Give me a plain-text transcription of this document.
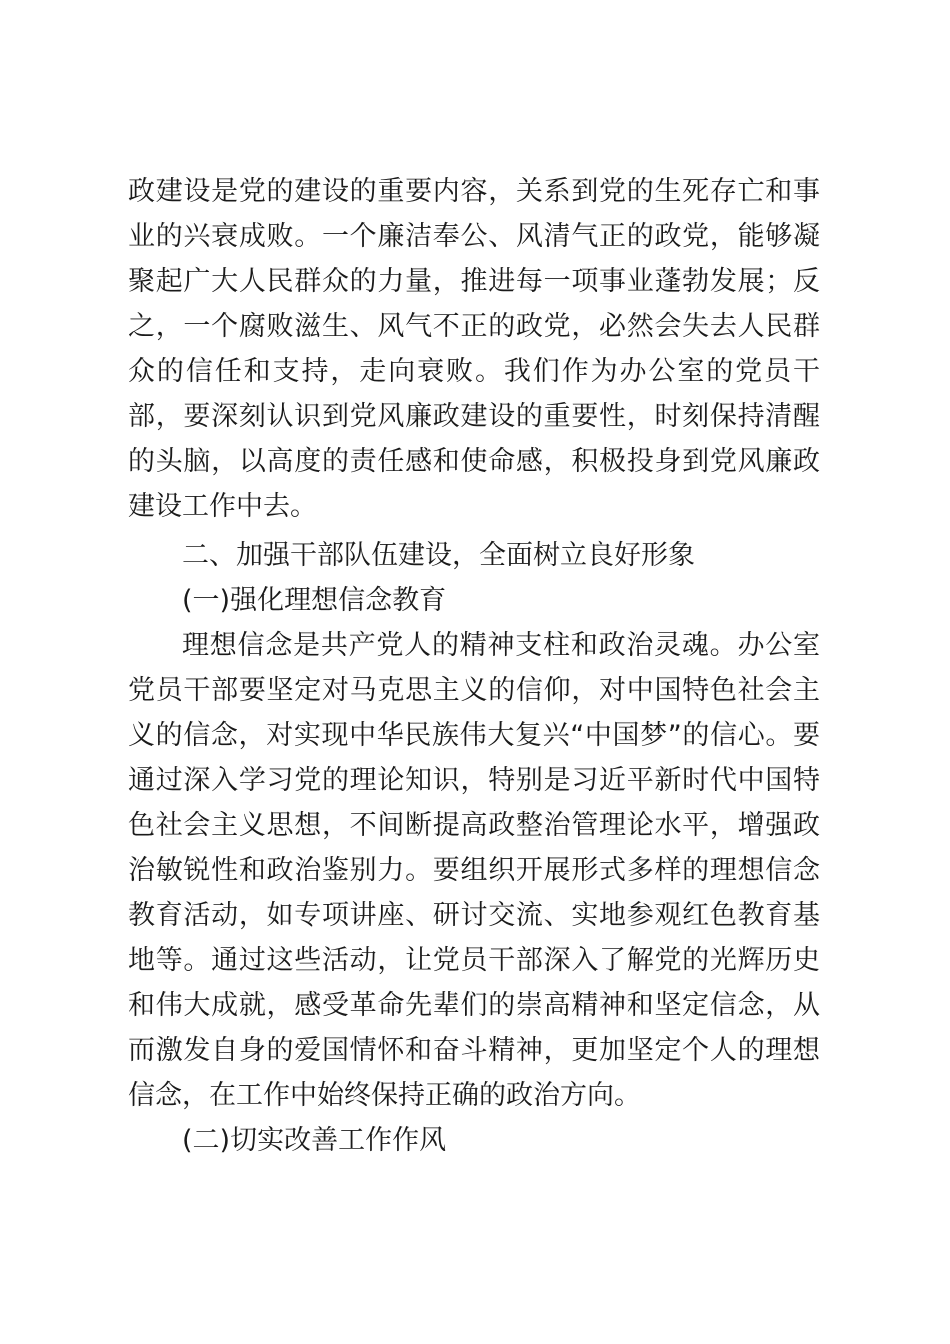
政建设是党的建设的重要内容，关系到党的生死存亡和事业的兴衰成败。一个廉洁奉公、风清气正的政党，能够凝聚起广大人民群众的力量，推进每一项事业蓬勃发展；反之，一个腐败滋生、风气不正的政党，必然会失去人民群众的信任和支持，走向衰败。我们作为办公室的党员干部，要深刻认识到党风廉政建设的重要性，时刻保持清醒的头脑，以高度的责任感和使命感，积极投身到党风廉政建设工作中去。

二、加强干部队伍建设，全面树立良好形象

(一)强化理想信念教育

理想信念是共产党人的精神支柱和政治灵魂。办公室党员干部要坚定对马克思主义的信仰，对中国特色社会主义的信念，对实现中华民族伟大复兴“中国梦”的信心。要通过深入学习党的理论知识，特别是习近平新时代中国特色社会主义思想，不间断提高政整治管理论水平，增强政治敏锐性和政治鉴别力。要组织开展形式多样的理想信念教育活动，如专项讲座、研讨交流、实地参观红色教育基地等。通过这些活动，让党员干部深入了解党的光辉历史和伟大成就，感受革命先辈们的崇高精神和坚定信念，从而激发自身的爱国情怀和奋斗精神，更加坚定个人的理想信念，在工作中始终保持正确的政治方向。

(二)切实改善工作作风
